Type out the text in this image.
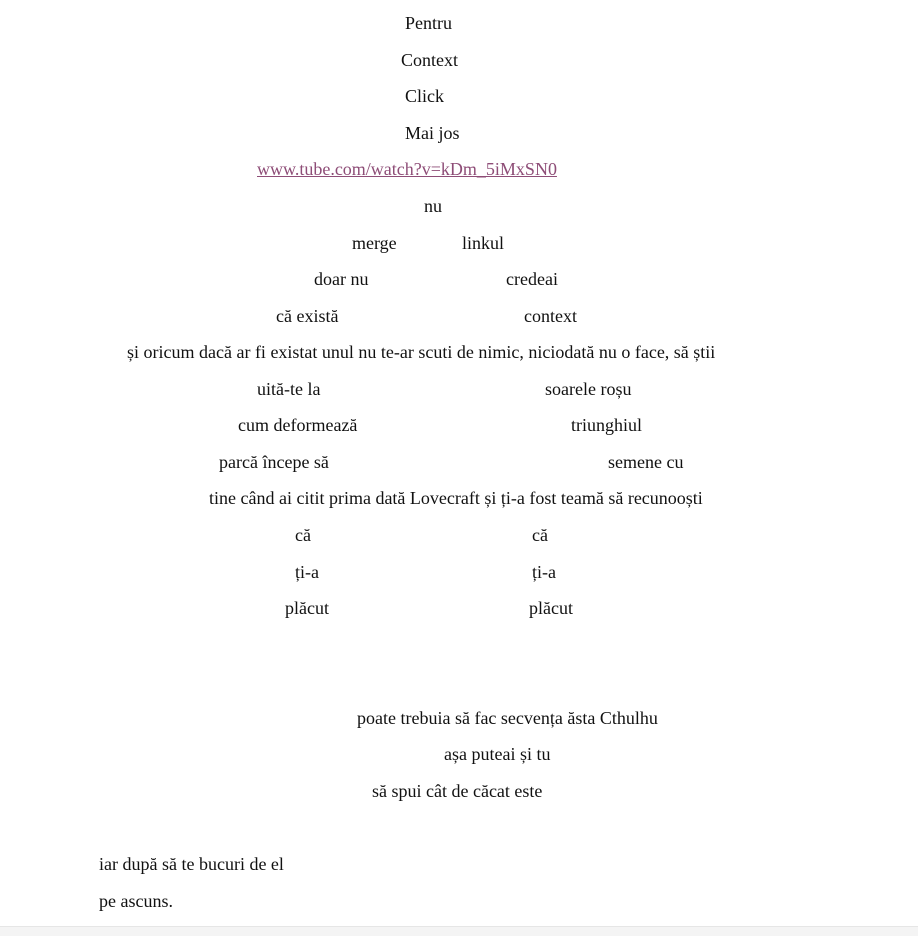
Pentru
Context
Click
Mai jos
www.tube.com/watch?v=kDm_5iMxSN0
nu
merge	linkul
doar nu	credeai
că există	context
și oricum dacă ar fi existat unul nu te-ar scuti de nimic, niciodată nu o face, să știi
uită-te la	soarele roșu
cum deformează	triunghiul
parcă începe să	semene cu
tine când ai citit prima dată Lovecraft și ți-a fost teamă să recunoοști
că	că
ți-a	ți-a
plăcut	plăcut
poate trebuia să fac secvența ăsta Cthulhu
așa puteai și tu
să spui cât de căcat este
iar după să te bucuri de el
pe ascuns.
